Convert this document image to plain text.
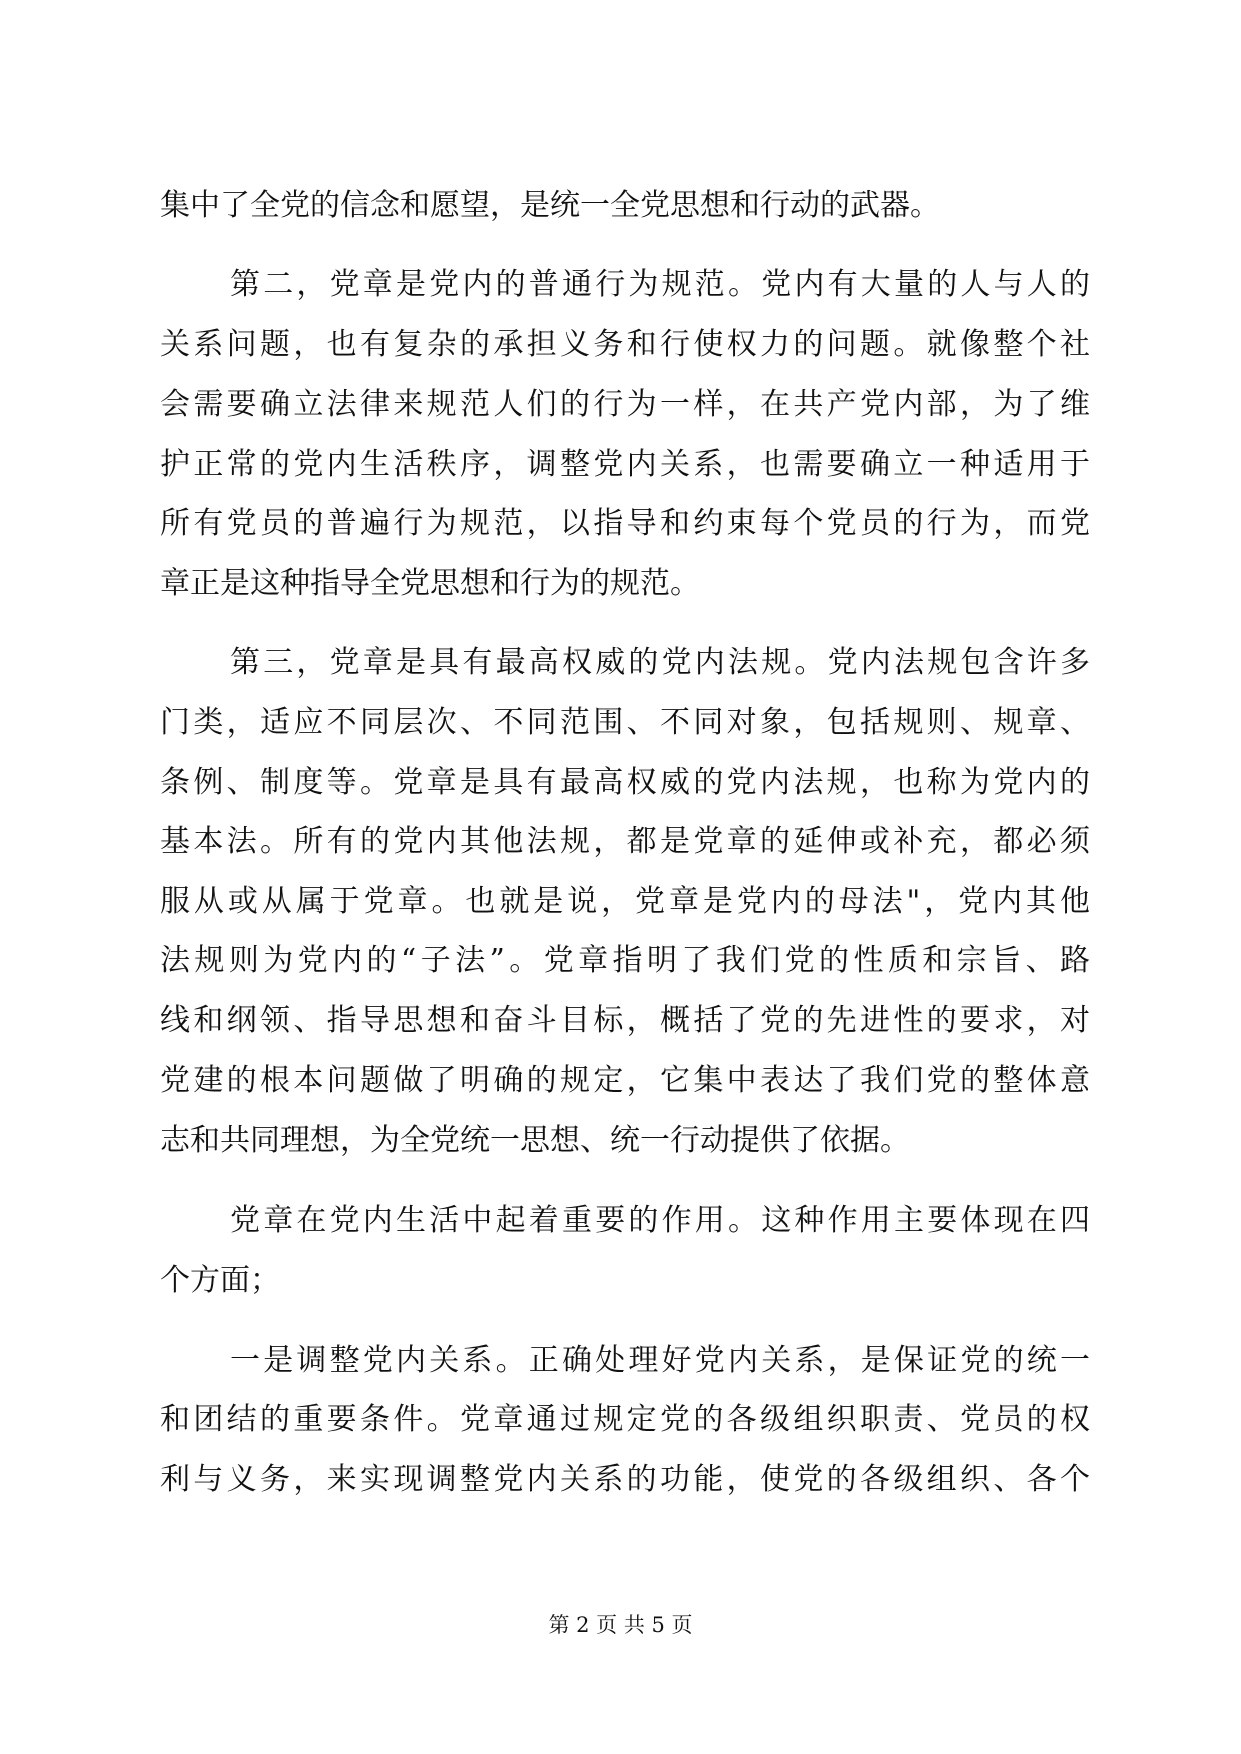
集中了全党的信念和愿望，是统一全党思想和行动的武器。
第二，党章是党内的普通行为规范。党内有大量的人与人的
关系问题，也有复杂的承担义务和行使权力的问题。就像整个社
会需要确立法律来规范人们的行为一样，在共产党内部，为了维
护正常的党内生活秩序，调整党内关系，也需要确立一种适用于
所有党员的普遍行为规范，以指导和约束每个党员的行为，而党
章正是这种指导全党思想和行为的规范。
第三，党章是具有最高权威的党内法规。党内法规包含许多
门类，适应不同层次、不同范围、不同对象，包括规则、规章、
条例、制度等。党章是具有最高权威的党内法规，也称为党内的
基本法。所有的党内其他法规，都是党章的延伸或补充，都必须
服从或从属于党章。也就是说，党章是党内的母法"，党内其他
法规则为党内的“子法”。党章指明了我们党的性质和宗旨、路
线和纲领、指导思想和奋斗目标，概括了党的先进性的要求，对
党建的根本问题做了明确的规定，它集中表达了我们党的整体意
志和共同理想，为全党统一思想、统一行动提供了依据。
党章在党内生活中起着重要的作用。这种作用主要体现在四
个方面；
一是调整党内关系。正确处理好党内关系，是保证党的统一
和团结的重要条件。党章通过规定党的各级组织职责、党员的权
利与义务，来实现调整党内关系的功能，使党的各级组织、各个
第 2 页 共 5 页
